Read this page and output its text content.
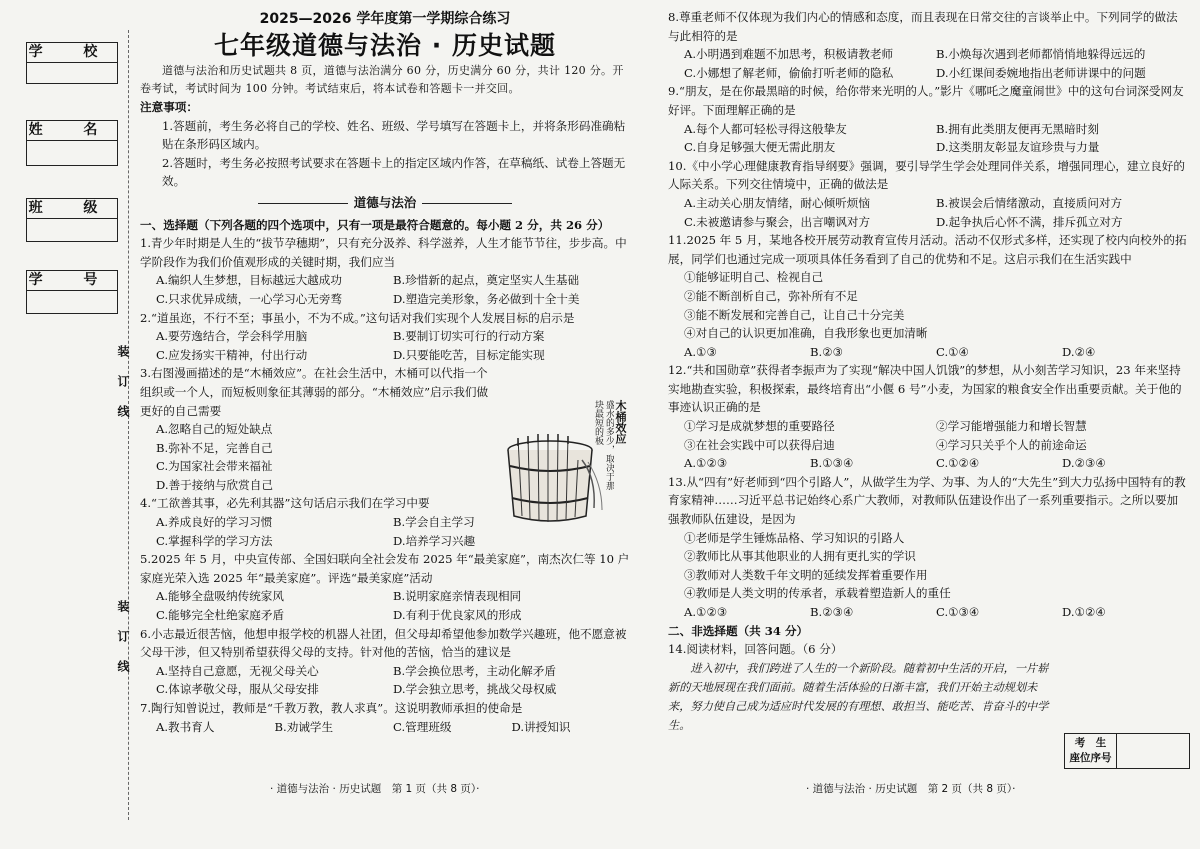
学 校
姓 名
班 级
学 号
装订线
装订线
2025—2026 学年度第一学期综合练习
七年级道德与法治 · 历史试题

道德与法治和历史试题共 8 页，道德与法治满分 60 分，历史满分 60 分，共计 120 分。开卷考试，考试时间为 100 分钟。考试结束后，将本试卷和答题卡一并交回。

注意事项：

1.答题前，考生务必将自己的学校、姓名、班级、学号填写在答题卡上，并将条形码准确粘贴在条形码区域内。

2.答题时，考生务必按照考试要求在答题卡上的指定区域内作答，在草稿纸、试卷上答题无效。

道德与法治

一、选择题（下列各题的四个选项中，只有一项是最符合题意的。每小题 2 分，共 26 分）

1.青少年时期是人生的“拔节孕穗期”，只有充分汲养、科学滋养，人生才能节节往，步步高。中学阶段作为我们价值观形成的关键时期，我们应当

A.编织人生梦想，目标越远大越成功	B.珍惜新的起点，奠定坚实人生基础
C.只求优异成绩，一心学习心无旁骛	D.塑造完美形象，务必做到十全十美

2.“道虽迩，不行不至；事虽小，不为不成。”这句话对我们实现个人发展目标的启示是

A.要劳逸结合，学会科学用脑	B.要制订切实可行的行动方案
C.应发扬实干精神，付出行动	D.只要能吃苦，目标定能实现

3.右图漫画描述的是“木桶效应”。在社会生活中，木桶可以代指一个组织或一个人，而短板则象征其薄弱的部分。“木桶效应”启示我们做更好的自己需要

A.忽略自己的短处缺点
B.弥补不足，完善自己
C.为国家社会带来福祉
D.善于接纳与欣赏自己

4.“工欲善其事，必先利其器”这句话启示我们在学习中要

A.养成良好的学习习惯	B.学会自主学习
C.掌握科学的学习方法	D.培养学习兴趣

5.2025 年 5 月，中央宣传部、全国妇联向全社会发布 2025 年“最美家庭”，南杰次仁等 10 户家庭光荣入选 2025 年“最美家庭”。评选“最美家庭”活动

A.能够全盘吸纳传统家风	B.说明家庭亲情表现相同
C.能够完全杜绝家庭矛盾	D.有利于优良家风的形成

6.小志最近很苦恼，他想申报学校的机器人社团，但父母却希望他参加数学兴趣班，他不愿意被父母干涉，但又特别希望获得父母的支持。针对他的苦恼，恰当的建议是

A.坚持自己意愿，无视父母关心	B.学会换位思考，主动化解矛盾
C.体谅孝敬父母，服从父母安排	D.学会独立思考，挑战父母权威

7.陶行知曾说过，教师是“千教万教，教人求真”。这说明教师承担的使命是

A.教书育人	B.劝诫学生	C.管理班级	D.讲授知识
木桶效应
盛水的多少，取决于那块最短的板
· 道德与法治 · 历史试题　第 1 页（共 8 页）·

8.尊重老师不仅体现为我们内心的情感和态度，而且表现在日常交往的言谈举止中。下列同学的做法与此相符的是

A.小明遇到难题不加思考，积极请教老师	B.小焕每次遇到老师都悄悄地躲得远远的
C.小娜想了解老师，偷偷打听老师的隐私	D.小红课间委婉地指出老师讲课中的问题

9.“朋友，是在你最黑暗的时候，给你带来光明的人。”影片《哪吒之魔童闹世》中的这句台词深受网友好评。下面理解正确的是

A.每个人都可轻松寻得这般挚友	B.拥有此类朋友便再无黑暗时刻
C.自身足够强大便无需此朋友	D.这类朋友彰显友谊珍贵与力量

10.《中小学心理健康教育指导纲要》强调，要引导学生学会处理同伴关系，增强同理心，建立良好的人际关系。下列交往情境中，正确的做法是

A.主动关心朋友情绪，耐心倾听烦恼	B.被误会后情绪激动，直接质问对方
C.未被邀请参与聚会，出言嘲讽对方	D.起争执后心怀不满，排斥孤立对方

11.2025 年 5 月，某地各校开展劳动教育宣传月活动。活动不仅形式多样，还实现了校内向校外的拓展，同学们也通过完成一项项具体任务看到了自己的优势和不足。这启示我们在生活实践中

①能够证明自己、检视自己
②能不断剖析自己，弥补所有不足
③能不断发展和完善自己，让自己十分完美
④对自己的认识更加准确，自我形象也更加清晰
A.①③	B.②③	C.①④	D.②④

12.“共和国勋章”获得者李振声为了实现“解决中国人饥饿”的梦想，从小刻苦学习知识，23 年来坚持实地勘查实验，积极探索，最终培育出“小偃 6 号”小麦，为国家的粮食安全作出重要贡献。关于他的事迹认识正确的是

①学习是成就梦想的重要路径	②学习能增强能力和增长智慧
③在社会实践中可以获得启迪	④学习只关乎个人的前途命运
A.①②③	B.①③④	C.①②④	D.②③④

13.从“四有”好老师到“四个引路人”，从做学生为学、为事、为人的“大先生”到大力弘扬中国特有的教育家精神……习近平总书记始终心系广大教师，对教师队伍建设作出了一系列重要指示。之所以要加强教师队伍建设，是因为

①老师是学生锤炼品格、学习知识的引路人
②教师比从事其他职业的人拥有更扎实的学识
③教师对人类数千年文明的延续发挥着重要作用
④教师是人类文明的传承者，承载着塑造新人的重任
A.①②③	B.②③④	C.①③④	D.①②④

二、非选择题（共 34 分）

14.阅读材料，回答问题。（6 分）

进入初中，我们跨进了人生的一个新阶段。随着初中生活的开启，一片崭新的天地展现在我们面前。随着生活体验的日渐丰富，我们开始主动规划未来，努力使自己成为适应时代发展的有理想、敢担当、能吃苦、肯奋斗的中学生。

考　生
座位序号
· 道德与法治 · 历史试题　第 2 页（共 8 页）·
